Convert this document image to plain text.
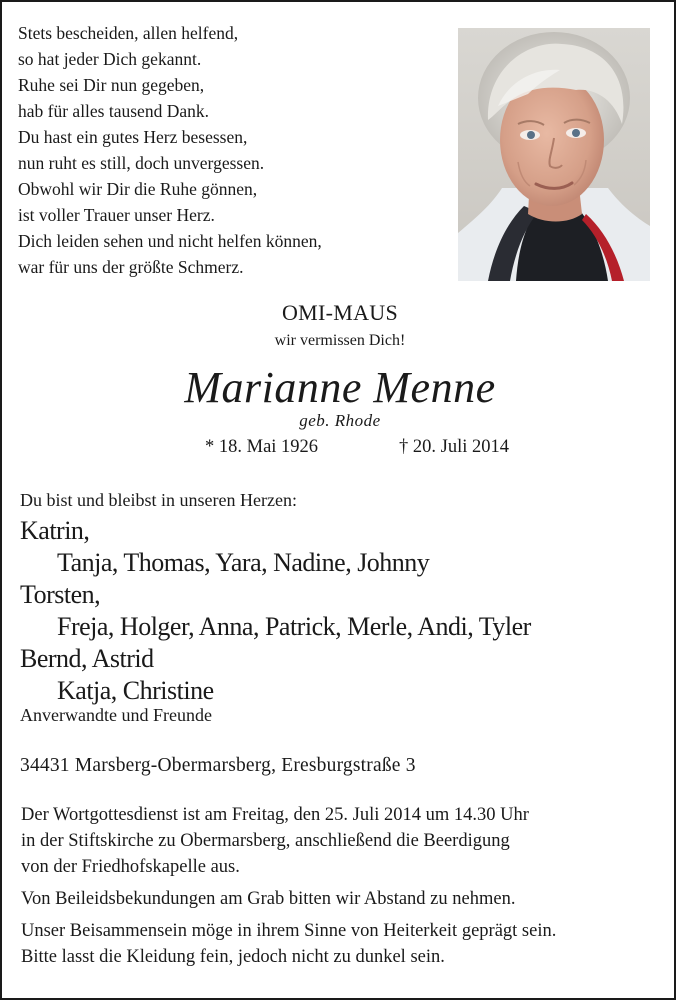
Stets bescheiden, allen helfend,
so hat jeder Dich gekannt.
Ruhe sei Dir nun gegeben,
hab für alles tausend Dank.
Du hast ein gutes Herz besessen,
nun ruht es still, doch unvergessen.
Obwohl wir Dir die Ruhe gönnen,
ist voller Trauer unser Herz.
Dich leiden sehen und nicht helfen können,
war für uns der größte Schmerz.
OMI-MAUS
wir vermissen Dich!
Marianne Menne
geb. Rhode
* 18. Mai 1926	† 20. Juli 2014
Du bist und bleibst in unseren Herzen:
Katrin,
Tanja, Thomas, Yara, Nadine, Johnny
Torsten,
Freja, Holger, Anna, Patrick, Merle, Andi, Tyler
Bernd, Astrid
Katja, Christine
Anverwandte und Freunde
34431 Marsberg-Obermarsberg, Eresburgstraße 3

Der Wortgottesdienst ist am Freitag, den 25. Juli 2014 um 14.30 Uhr
in der Stiftskirche zu Obermarsberg, anschließend die Beerdigung
von der Friedhofskapelle aus.

Von Beileidsbekundungen am Grab bitten wir Abstand zu nehmen.

Unser Beisammensein möge in ihrem Sinne von Heiterkeit geprägt sein.
Bitte lasst die Kleidung fein, jedoch nicht zu dunkel sein.
